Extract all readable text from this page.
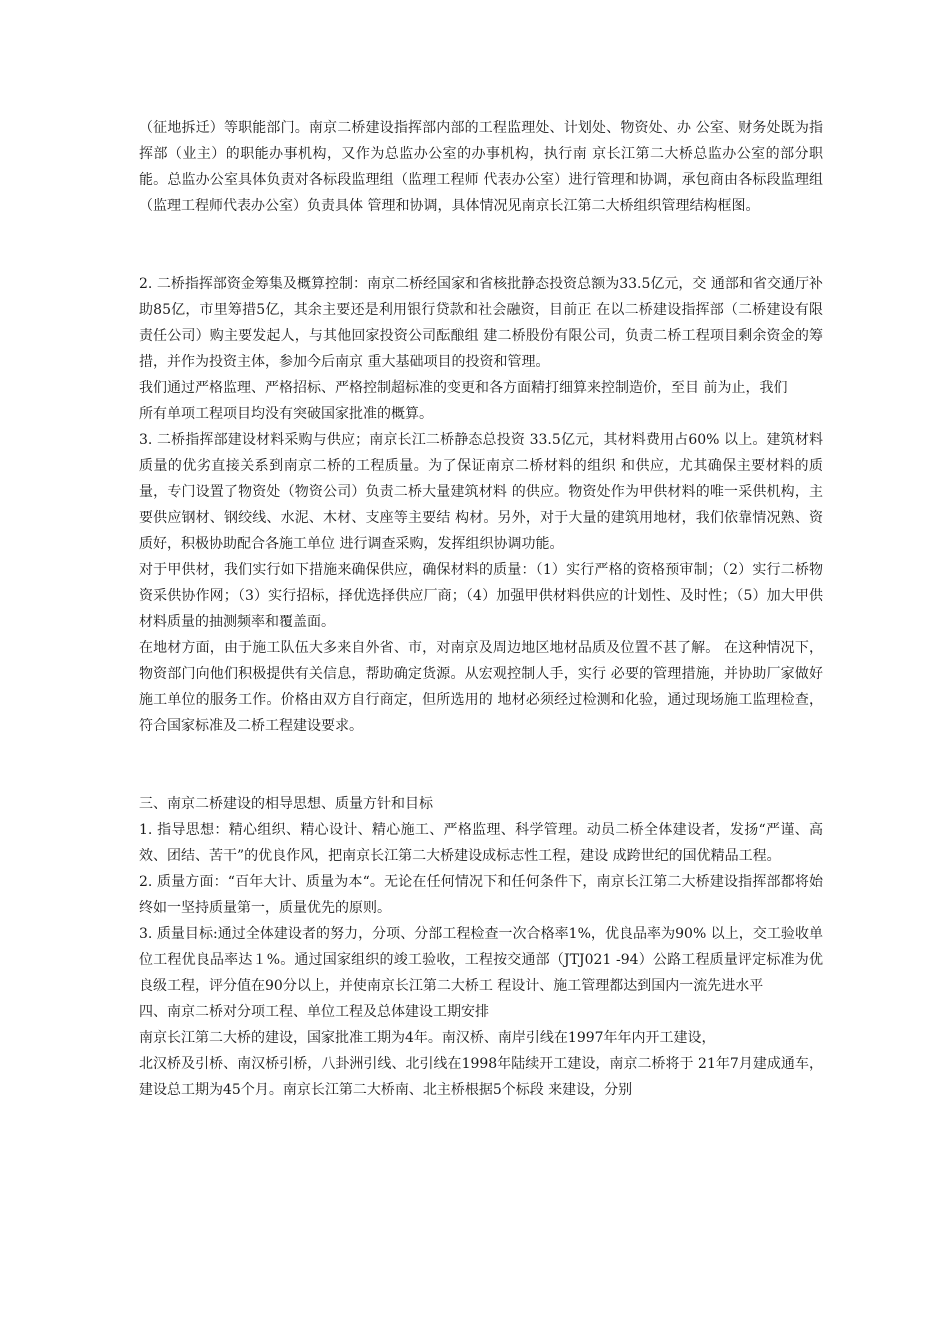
（征地拆迁）等职能部门。南京二桥建设指挥部内部的工程监理处、计划处、物资处、办 公室、财务处既为指挥部（业主）的职能办事机构，又作为总监办公室的办事机构，执行南 京长江第二大桥总监办公室的部分职能。总监办公室具体负责对各标段监理组（监理工程师 代表办公室）进行管理和协调，承包商由各标段监理组（监理工程师代表办公室）负责具体 管理和协调，具体情况见南京长江第二大桥组织管理结构框图。

2. 二桥指挥部资金筹集及概算控制：南京二桥经国家和省核批静态投资总额为33.5亿元，交 通部和省交通厅补助85亿，市里筹措5亿，其余主要还是利用银行贷款和社会融资，目前正 在以二桥建设指挥部（二桥建设有限责任公司）购主要发起人，与其他回家投资公司酝酿组 建二桥股份有限公司，负责二桥工程项目剩余资金的筹措，并作为投资主体，参加今后南京 重大基础项目的投资和管理。

我们通过严格监理、严格招标、严格控制超标准的变更和各方面精打细算来控制造价，至目 前为止，我们

所有单项工程项目均没有突破国家批准的概算。

3. 二桥指挥部建设材料采购与供应；南京长江二桥静态总投资 33.5亿元，其材料费用占60% 以上。建筑材料质量的优劣直接关系到南京二桥的工程质量。为了保证南京二桥材料的组织 和供应，尤其确保主要材料的质量，专门设置了物资处（物资公司）负责二桥大量建筑材料 的供应。物资处作为甲供材料的唯一采供机构，主要供应钢材、钢绞线、水泥、木材、支座等主要结 构材。另外，对于大量的建筑用地材，我们依靠情况熟、资质好，积极协助配合各施工单位 进行调查采购，发挥组织协调功能。

对于甲供材，我们实行如下措施来确保供应，确保材料的质量：（1）实行严格的资格预审制；（2）实行二桥物资采供协作网；（3）实行招标，择优选择供应厂商；（4）加强甲供材料供应的计划性、及时性；（5）加大甲供材料质量的抽测频率和覆盖面。

在地材方面，由于施工队伍大多来自外省、市，对南京及周边地区地材品质及位置不甚了解。 在这种情况下，物资部门向他们积极提供有关信息，帮助确定货源。从宏观控制人手，实行 必要的管理措施，并协助厂家做好施工单位的服务工作。价格由双方自行商定，但所选用的 地材必须经过检测和化验，通过现场施工监理检查，符合国家标准及二桥工程建设要求。

三、南京二桥建设的相导思想、质量方针和目标

1. 指导思想：精心组织、精心设计、精心施工、严格监理、科学管理。动员二桥全体建设者，发扬“严谨、高效、团结、苦干”的优良作风，把南京长江第二大桥建设成标志性工程，建设 成跨世纪的国优精品工程。

2. 质量方面：“百年大计、质量为本“。无论在任何情况下和任何条件下，南京长江第二大桥建设指挥部都将始终如一坚持质量第一，质量优先的原则。

3. 质量目标:通过全体建设者的努力，分项、分部工程检查一次合格率1%，优良品率为90% 以上，交工验收单位工程优良品率达１%。通过国家组织的竣工验收，工程按交通部（JTJ021 -94）公路工程质量评定标准为优良级工程，评分值在90分以上，并使南京长江第二大桥工 程设计、施工管理都达到国内一流先进水平

四、南京二桥对分项工程、单位工程及总体建设工期安排

南京长江第二大桥的建设，国家批准工期为4年。南汉桥、南岸引线在1997年年内开工建设，

北汉桥及引桥、南汉桥引桥，八卦洲引线、北引线在1998年陆续开工建设，南京二桥将于 21年7月建成通车，建设总工期为45个月。南京长江第二大桥南、北主桥根据5个标段 来建设，分别
